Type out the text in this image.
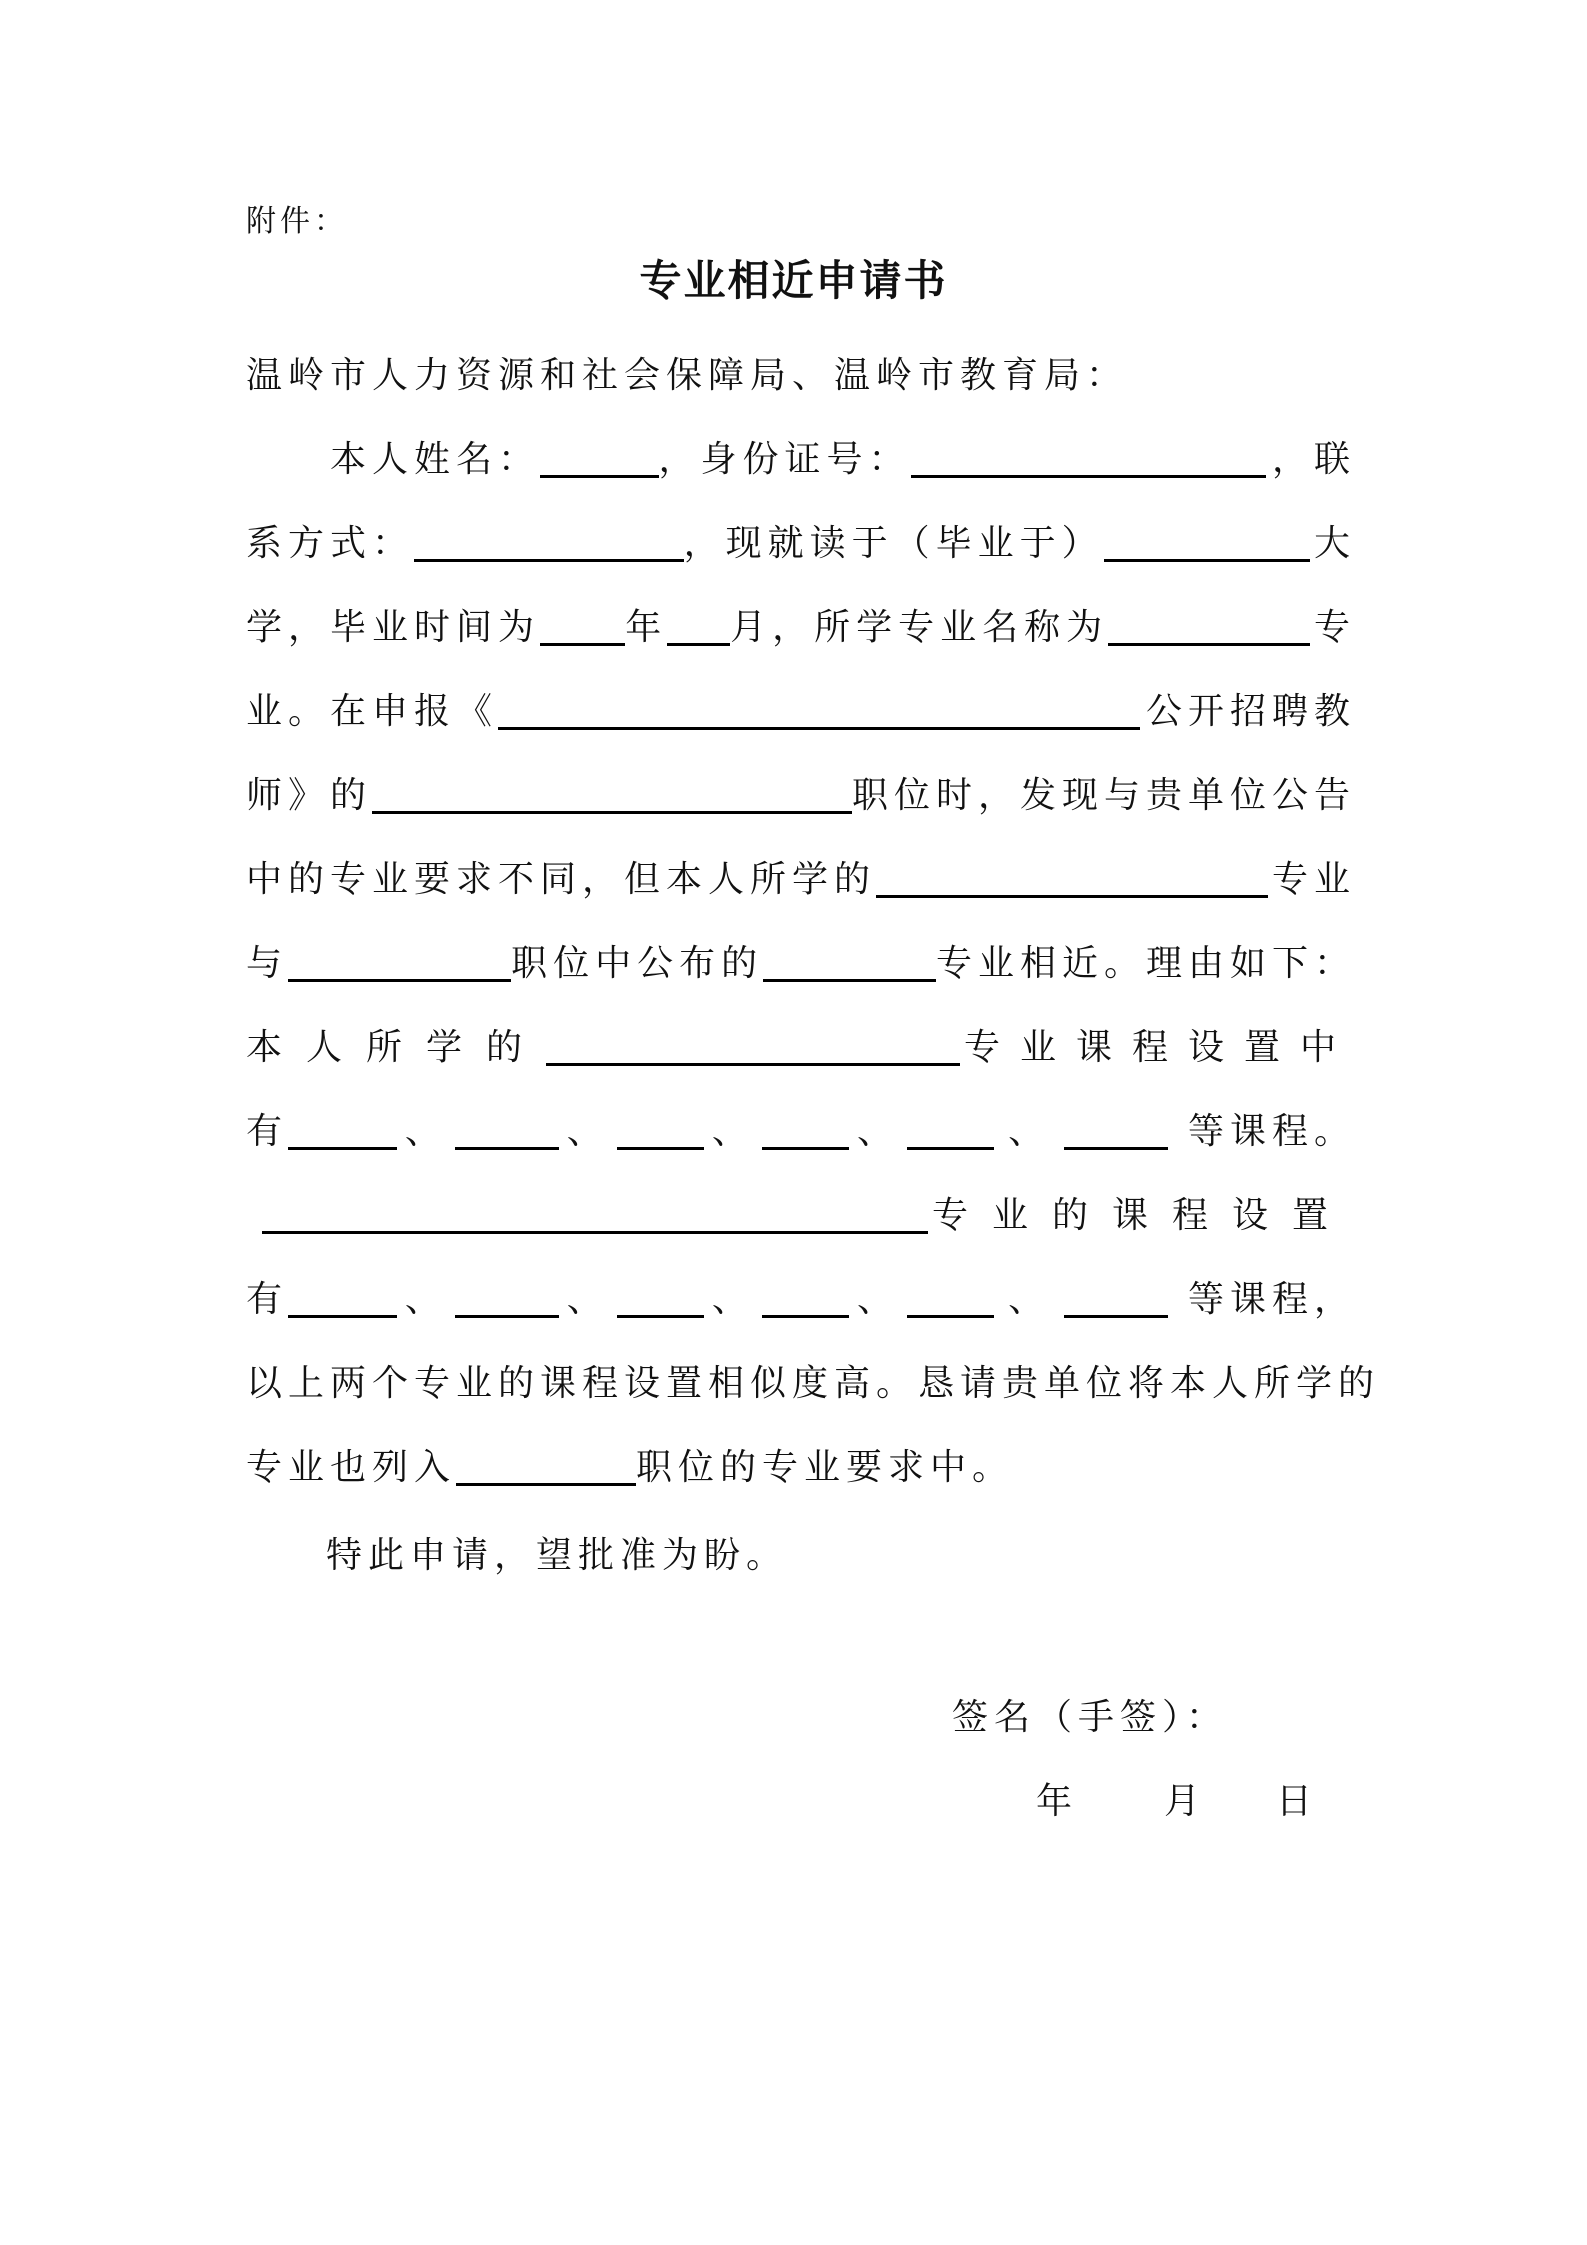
附件：
专业相近申请书
温岭市人力资源和社会保障局、温岭市教育局：
本人姓名：	，身份证号：	，联
系方式：	，现就读于（毕业于）	大
学，毕业时间为 年 月，所学专业名称为	专
业。在申报《	公开招聘教
师》的	职位时，发现与贵单位公告
中的专业要求不同，但本人所学的	专业
与	职位中公布的	专业相近。理由如下：
本人所学的	专业课程设置中
有	、	、	、	、	、	等课程。
专业的课程设置
有	、	、	、	、	、	等课程，
以上两个专业的课程设置相似度高。恳请贵单位将本人所学的
专业也列入	职位的专业要求中。
特此申请，望批准为盼。
签名（手签）：
年 月 日
